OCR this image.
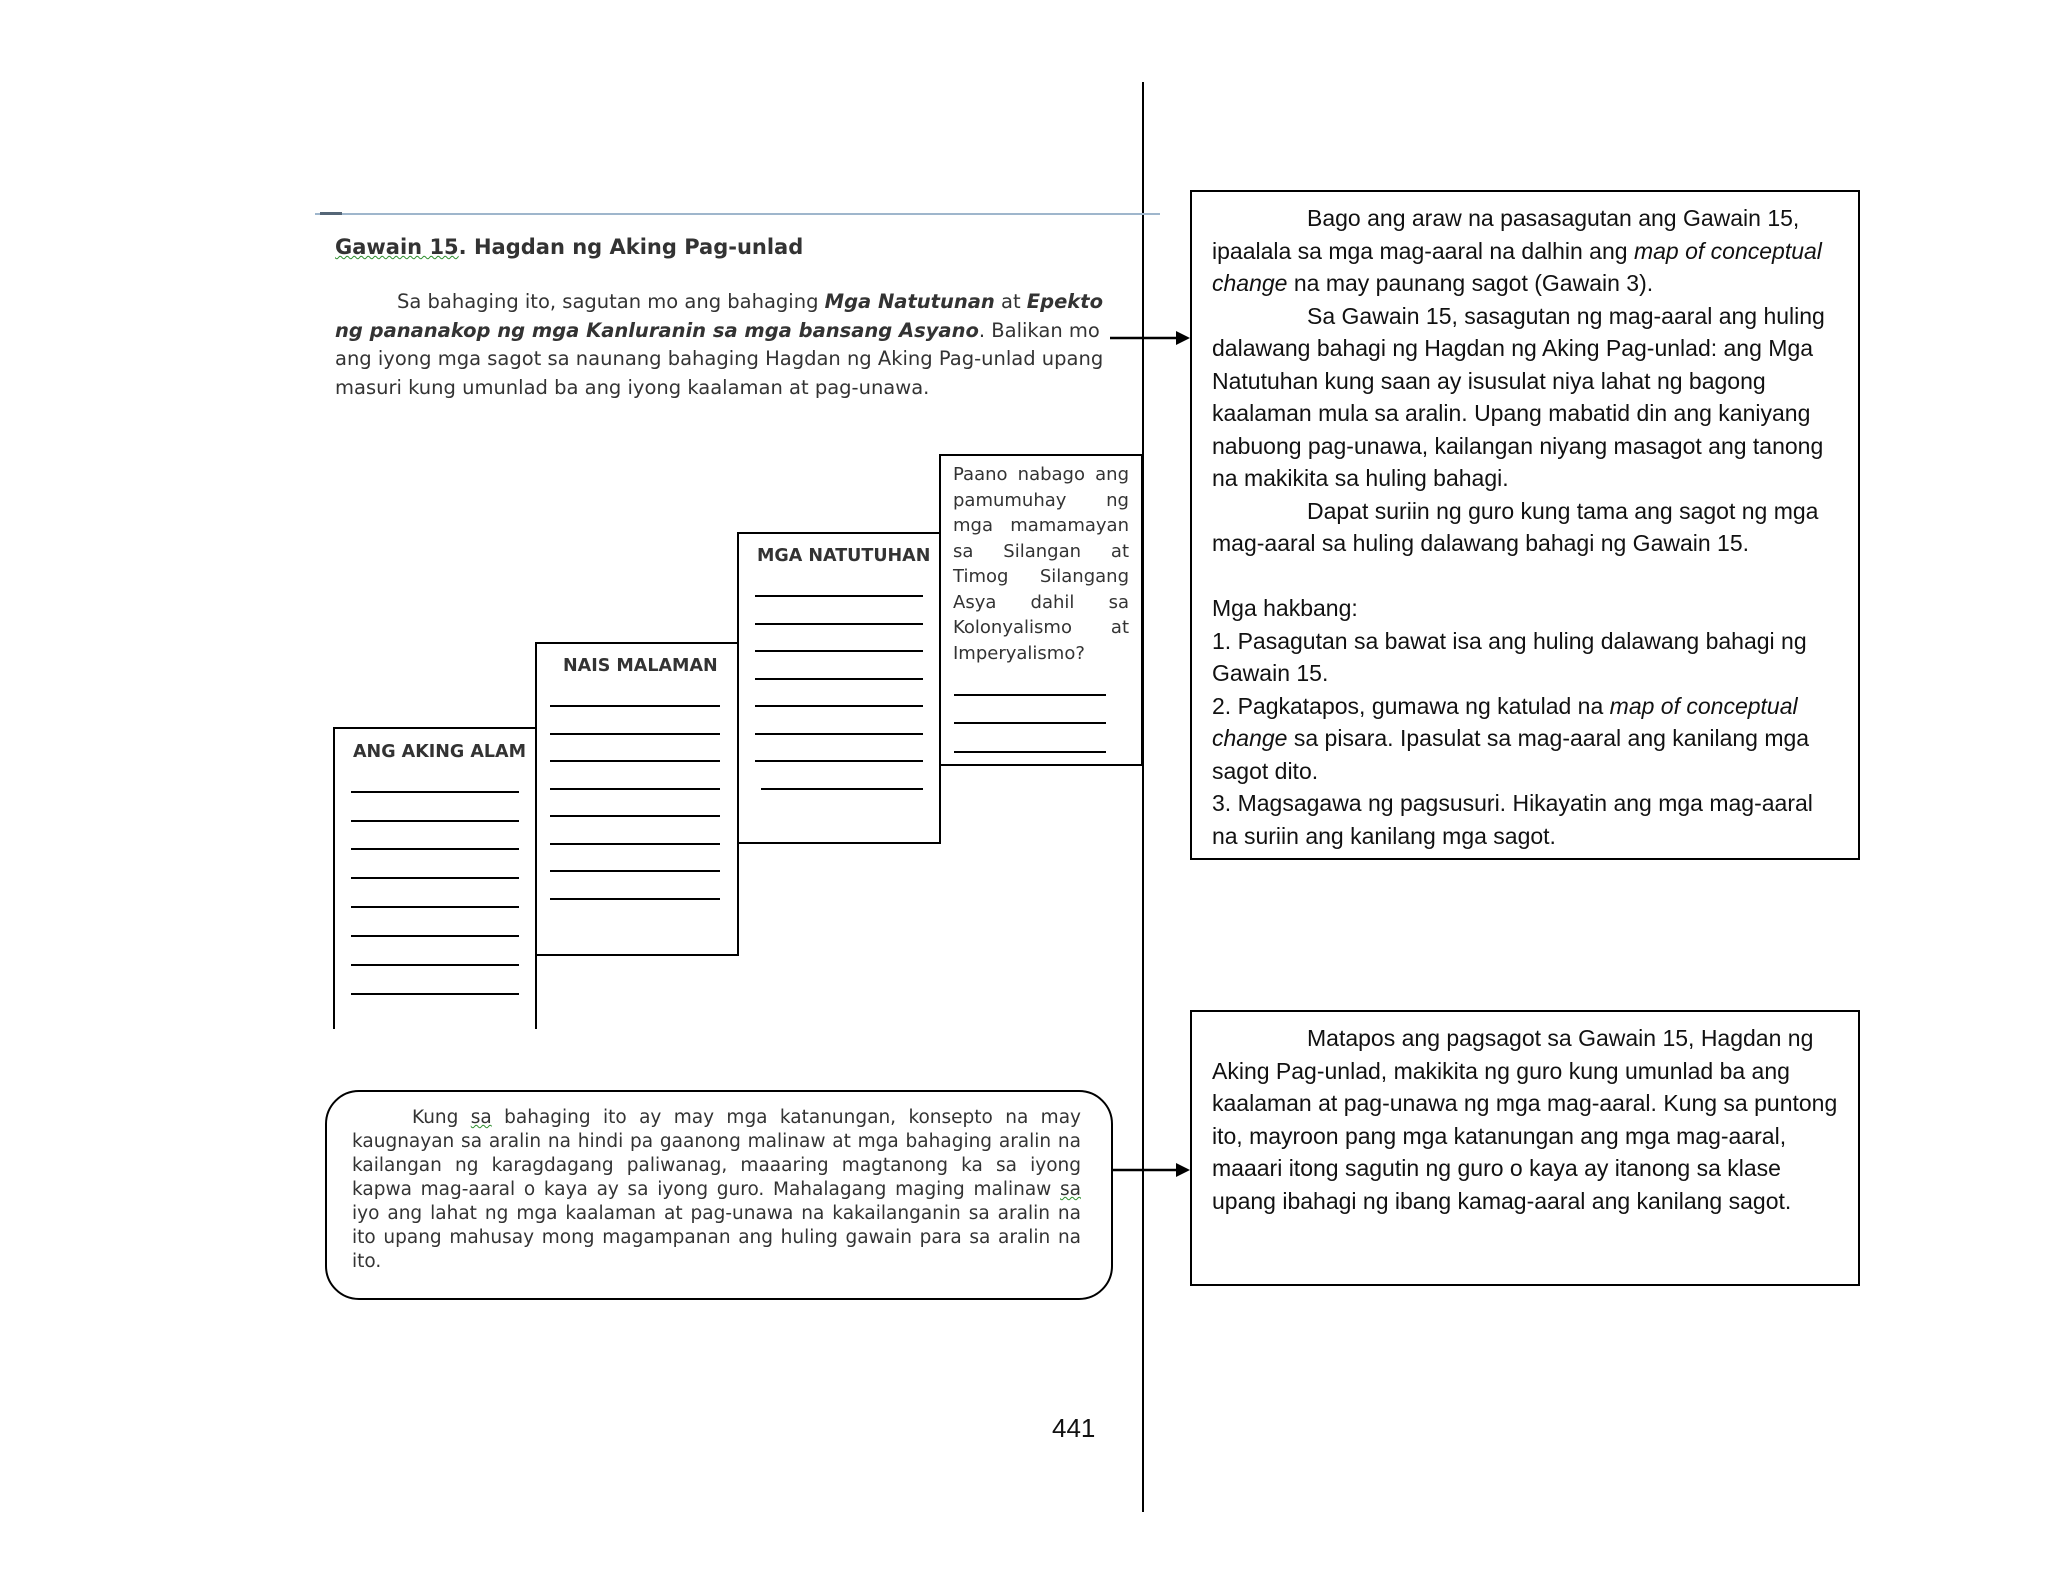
Gawain 15. Hagdan ng Aking Pag-unlad
Sa bahaging ito, sagutan mo ang bahaging Mga Natutunan at Epekto ng pananakop ng mga Kanluranin sa mga bansang Asyano. Balikan mo ang iyong mga sagot sa naunang bahaging Hagdan ng Aking Pag-unlad upang masuri kung umunlad ba ang iyong kaalaman at pag-unawa.
ANG AKING ALAM
NAIS MALAMAN
MGA NATUTUHAN
Paano nabago ang pamumuhay ng mga mamamayan sa Silangan at Timog Silangang Asya dahil sa Kolonyalismo at Imperyalismo?
Kung sa bahaging ito ay may mga katanungan, konsepto na may kaugnayan sa aralin na hindi pa gaanong malinaw at mga bahaging aralin na kailangan ng karagdagang paliwanag, maaaring magtanong ka sa iyong kapwa mag-aaral o kaya ay sa iyong guro. Mahalagang maging malinaw sa iyo ang lahat ng mga kaalaman at pag-unawa na kakailanganin sa aralin na ito upang mahusay mong magampanan ang huling gawain para sa aralin na ito.

Bago ang araw na pasasagutan ang Gawain 15, ipaalala sa mga mag-aaral na dalhin ang map of conceptual change na may paunang sagot (Gawain 3).

Sa Gawain 15, sasagutan ng mag-aaral ang huling dalawang bahagi ng Hagdan ng Aking Pag-unlad: ang Mga Natutuhan kung saan ay isusulat niya lahat ng bagong kaalaman mula sa aralin. Upang mabatid din ang kaniyang nabuong pag-unawa, kailangan niyang masagot ang tanong na makikita sa huling bahagi.

Dapat suriin ng guro kung tama ang sagot ng mga mag-aaral sa huling dalawang bahagi ng Gawain 15.

Mga hakbang:

1. Pasagutan sa bawat isa ang huling dalawang bahagi ng Gawain 15.

2. Pagkatapos, gumawa ng katulad na map of conceptual change sa pisara. Ipasulat sa mag-aaral ang kanilang mga sagot dito.

3. Magsagawa ng pagsusuri. Hikayatin ang mga mag-aaral na suriin ang kanilang mga sagot.

Matapos ang pagsagot sa Gawain 15, Hagdan ng Aking Pag-unlad, makikita ng guro kung umunlad ba ang kaalaman at pag-unawa ng mga mag-aaral. Kung sa puntong ito, mayroon pang mga katanungan ang mga mag-aaral, maaari itong sagutin ng guro o kaya ay itanong sa klase upang ibahagi ng ibang kamag-aaral ang kanilang sagot.

441
